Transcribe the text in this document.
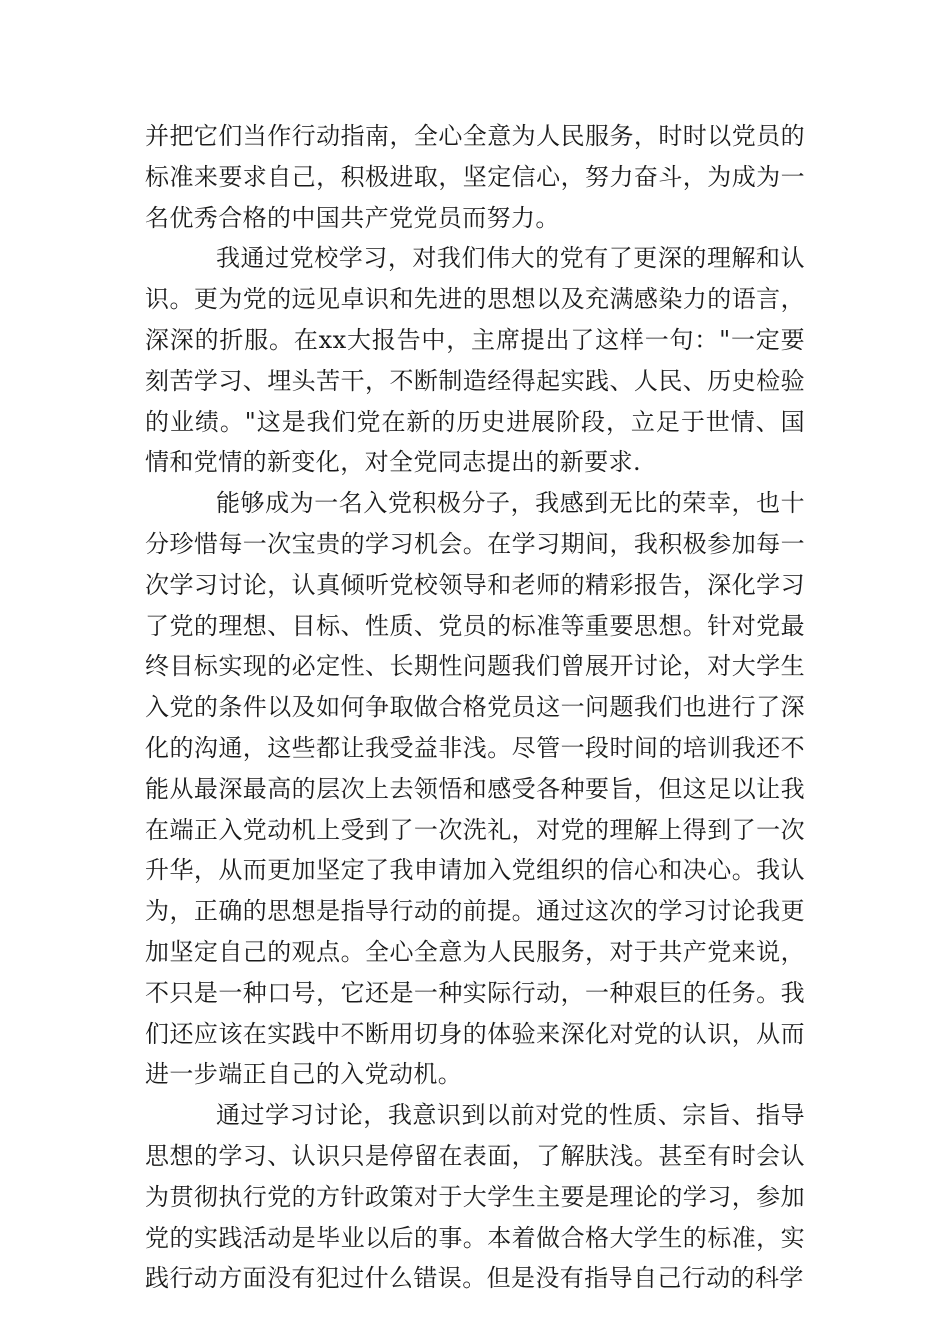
并把它们当作行动指南，全心全意为人民服务，时时以党员的标准来要求自己，积极进取，坚定信心，努力奋斗，为成为一名优秀合格的中国共产党党员而努力。

我通过党校学习，对我们伟大的党有了更深的理解和认识。更为党的远见卓识和先进的思想以及充满感染力的语言，深深的折服。在xx大报告中，主席提出了这样一句："一定要刻苦学习、埋头苦干，不断制造经得起实践、人民、历史检验的业绩。"这是我们党在新的历史进展阶段，立足于世情、国情和党情的新变化，对全党同志提出的新要求.

能够成为一名入党积极分子，我感到无比的荣幸，也十分珍惜每一次宝贵的学习机会。在学习期间，我积极参加每一次学习讨论，认真倾听党校领导和老师的精彩报告，深化学习了党的理想、目标、性质、党员的标准等重要思想。针对党最终目标实现的必定性、长期性问题我们曾展开讨论，对大学生入党的条件以及如何争取做合格党员这一问题我们也进行了深化的沟通，这些都让我受益非浅。尽管一段时间的培训我还不能从最深最高的层次上去领悟和感受各种要旨，但这足以让我在端正入党动机上受到了一次洗礼，对党的理解上得到了一次升华，从而更加坚定了我申请加入党组织的信心和决心。我认为，正确的思想是指导行动的前提。通过这次的学习讨论我更加坚定自己的观点。全心全意为人民服务，对于共产党来说，不只是一种口号，它还是一种实际行动，一种艰巨的任务。我们还应该在实践中不断用切身的体验来深化对党的认识，从而进一步端正自己的入党动机。

通过学习讨论，我意识到以前对党的性质、宗旨、指导思想的学习、认识只是停留在表面，了解肤浅。甚至有时会认为贯彻执行党的方针政策对于大学生主要是理论的学习，参加党的实践活动是毕业以后的事。本着做合格大学生的标准，实践行动方面没有犯过什么错误。但是没有指导自己行动的科学
